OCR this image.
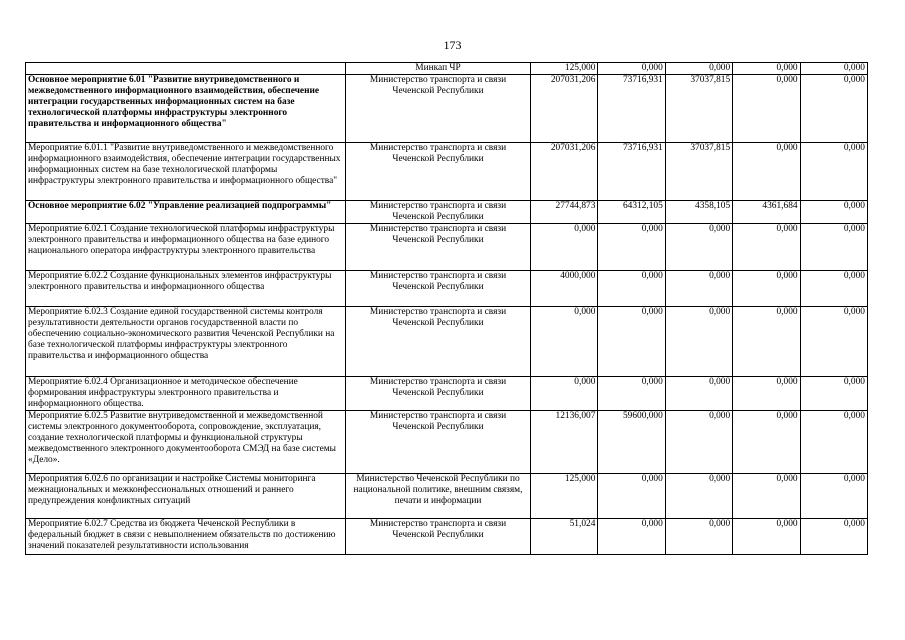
173
	Минкап ЧР	125,000	0,000	0,000	0,000	0,000
Основное мероприятие 6.01 "Развитие внутриведомственного и межведомственного информационного взаимодействия, обеспечение интеграции государственных информационных систем на базе технологической платформы инфраструктуры электронного правительства и информационного общества"	Министерство транспорта и связи Чеченской Республики	207031,206	73716,931	37037,815	0,000	0,000
Мероприятие 6.01.1 "Развитие внутриведомственного и межведомственного информационного взаимодействия, обеспечение интеграции государственных информационных систем на базе технологической платформы инфраструктуры электронного правительства и информационного общества"	Министерство транспорта и связи Чеченской Республики	207031,206	73716,931	37037,815	0,000	0,000
Основное мероприятие 6.02 "Управление реализацией подпрограммы"	Министерство транспорта и связи Чеченской Республики	27744,873	64312,105	4358,105	4361,684	0,000
Мероприятие 6.02.1 Создание технологической платформы инфраструктуры электронного правительства и информационного общества на базе единого национального оператора инфраструктуры электронного правительства	Министерство транспорта и связи Чеченской Республики	0,000	0,000	0,000	0,000	0,000
Мероприятие 6.02.2 Создание функциональных элементов инфраструктуры электронного правительства и информационного общества	Министерство транспорта и связи Чеченской Республики	4000,000	0,000	0,000	0,000	0,000
Мероприятие 6.02.3 Создание единой государственной системы контроля результативности деятельности органов государственной власти по обеспечению социально-экономического развития Чеченской Республики на базе технологической платформы инфраструктуры электронного правительства и информационного общества	Министерство транспорта и связи Чеченской Республики	0,000	0,000	0,000	0,000	0,000
Мероприятие 6.02.4 Организационное и методическое обеспечение формирования инфраструктуры электронного правительства и информационного общества.	Министерство транспорта и связи Чеченской Республики	0,000	0,000	0,000	0,000	0,000
Мероприятие 6.02.5 Развитие внутриведомственной и межведомственной системы электронного документооборота, сопровождение, эксплуатация, создание технологической платформы и функциональной структуры межведомственного электронного документооборота СМЭД на базе системы «Дело».	Министерство транспорта и связи Чеченской Республики	12136,007	59600,000	0,000	0,000	0,000
Мероприятия 6.02.6 по организации и настройке Системы мониторинга межнациональных и межконфессиональных отношений и раннего предупреждения конфликтных ситуаций	Министерство Чеченской Республики по национальной политике, внешним связям, печати и информации	125,000	0,000	0,000	0,000	0,000
Мероприятие 6.02.7 Средства из бюджета Чеченской Республики в федеральный бюджет в связи с невыполнением обязательств по достижению значений показателей результативности использования	Министерство транспорта и связи Чеченской Республики	51,024	0,000	0,000	0,000	0,000
